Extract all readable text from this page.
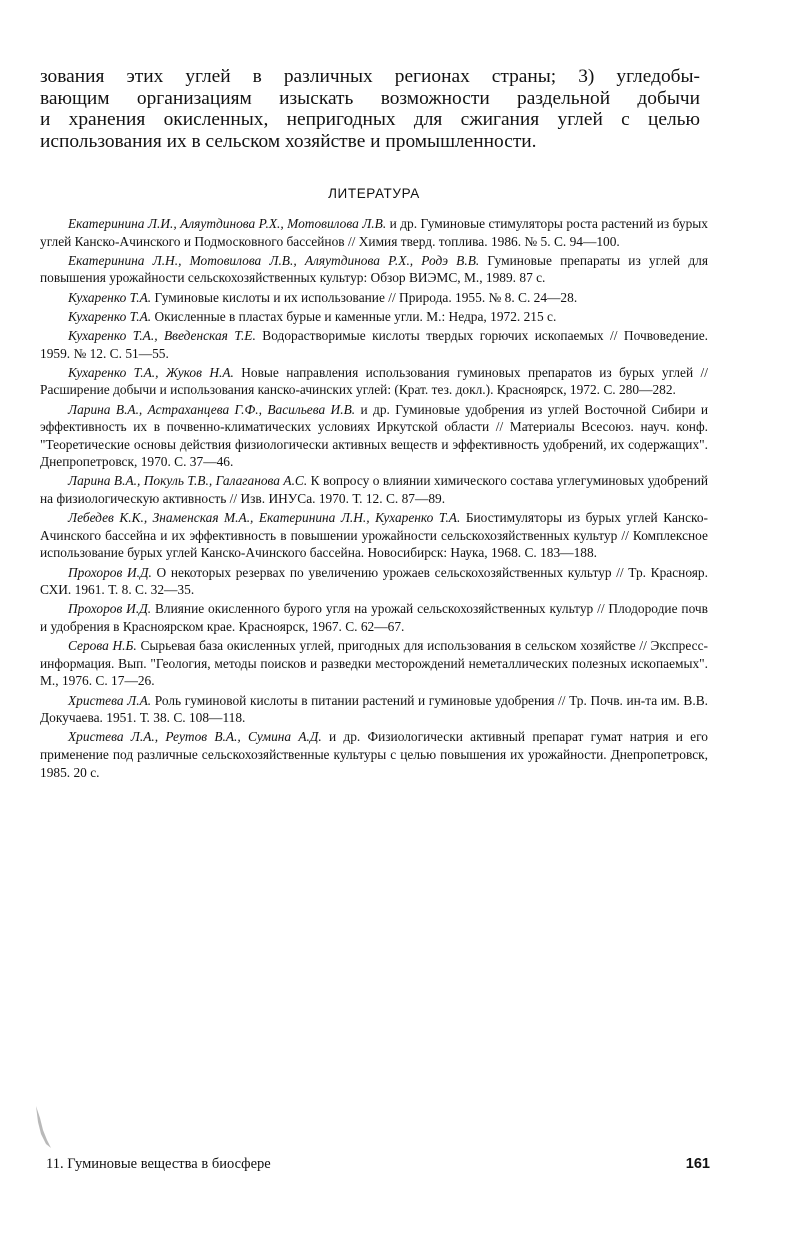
зования этих углей в различных регионах страны; 3) угледобы-
вающим организациям изыскать возможности раздельной добычи
и хранения окисленных, непригодных для сжигания углей с целью
использования их в сельском хозяйстве и промышленности.
ЛИТЕРАТУРА

Екатеринина Л.И., Аляутдинова Р.Х., Мотовилова Л.В. и др. Гуминовые стимуляторы роста растений из бурых углей Канско-Ачинского и Подмосковного бассейнов // Химия тверд. топлива. 1986. № 5. С. 94—100.

Екатеринина Л.Н., Мотовилова Л.В., Аляутдинова Р.Х., Родэ В.В. Гуминовые препараты из углей для повышения урожайности сельскохозяйственных культур: Обзор ВИЭМС, М., 1989. 87 с.

Кухаренко Т.А. Гуминовые кислоты и их использование // Природа. 1955. № 8. С. 24—28.

Кухаренко Т.А. Окисленные в пластах бурые и каменные угли. М.: Недра, 1972. 215 с.

Кухаренко Т.А., Введенская Т.Е. Водорастворимые кислоты твердых горючих ископаемых // Почвоведение. 1959. № 12. С. 51—55.

Кухаренко Т.А., Жуков Н.А. Новые направления использования гуминовых препаратов из бурых углей // Расширение добычи и использования канско-ачинских углей: (Крат. тез. докл.). Красноярск, 1972. С. 280—282.

Ларина В.А., Астраханцева Г.Ф., Васильева И.В. и др. Гуминовые удобрения из углей Восточной Сибири и эффективность их в почвенно-климатических условиях Иркутской области // Материалы Всесоюз. науч. конф. "Теоретические основы действия физиологически активных веществ и эффективность удобрений, их содержащих". Днепропетровск, 1970. С. 37—46.

Ларина В.А., Покуль Т.В., Галаганова А.С. К вопросу о влиянии химического состава углегуминовых удобрений на физиологическую активность // Изв. ИНУСа. 1970. Т. 12. С. 87—89.

Лебедев К.К., Знаменская М.А., Екатеринина Л.Н., Кухаренко Т.А. Биостимуляторы из бурых углей Канско-Ачинского бассейна и их эффективность в повышении урожайности сельскохозяйственных культур // Комплексное использование бурых углей Канско-Ачинского бассейна. Новосибирск: Наука, 1968. С. 183—188.

Прохоров И.Д. О некоторых резервах по увеличению урожаев сельскохозяйственных культур // Тр. Краснояр. СХИ. 1961. Т. 8. С. 32—35.

Прохоров И.Д. Влияние окисленного бурого угля на урожай сельскохозяйственных культур // Плодородие почв и удобрения в Красноярском крае. Красноярск, 1967. С. 62—67.

Серова Н.Б. Сырьевая база окисленных углей, пригодных для использования в сельском хозяйстве // Экспресс-информация. Вып. "Геология, методы поисков и разведки месторождений неметаллических полезных ископаемых". М., 1976. С. 17—26.

Христева Л.А. Роль гуминовой кислоты в питании растений и гуминовые удобрения // Тр. Почв. ин-та им. В.В. Докучаева. 1951. Т. 38. С. 108—118.

Христева Л.А., Реутов В.А., Сумина А.Д. и др. Физиологически активный препарат гумат натрия и его применение под различные сельскохозяйственные культуры с целью повышения их урожайности. Днепропетровск, 1985. 20 с.

11. Гуминовые вещества в биосфере	161
